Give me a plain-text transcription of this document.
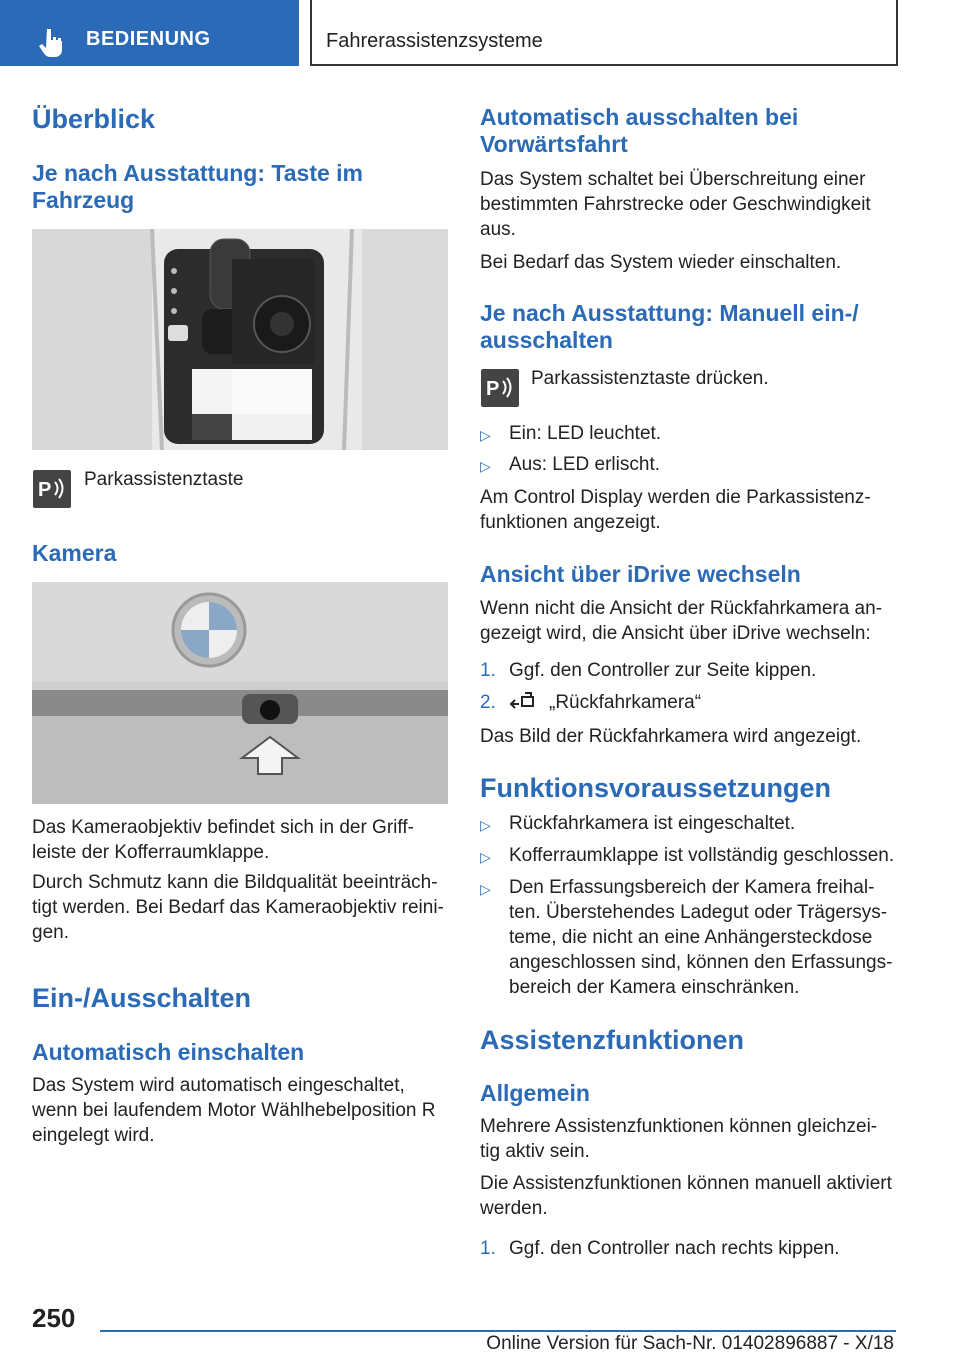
BEDIENUNG	Fahrerassistenzsysteme
Überblick
Je nach Ausstattung: Taste im Fahrzeug
P Parkassistenztaste
Kamera
Das Kameraobjektiv befindet sich in der Griff-leiste der Kofferraumklappe.
Durch Schmutz kann die Bildqualität beeinträch-tigt werden. Bei Bedarf das Kameraobjektiv reini-gen.
Ein-/Ausschalten
Automatisch einschalten
Das System wird automatisch eingeschaltet, wenn bei laufendem Motor Wählhebelposition R eingelegt wird.
Automatisch ausschalten bei Vorwärtsfahrt
Das System schaltet bei Überschreitung einer bestimmten Fahrstrecke oder Geschwindigkeit aus.
Bei Bedarf das System wieder einschalten.
Je nach Ausstattung: Manuell ein-/ ausschalten
P Parkassistenztaste drücken.
▷ Ein: LED leuchtet.
▷ Aus: LED erlischt.
Am Control Display werden die Parkassistenz-funktionen angezeigt.
Ansicht über iDrive wechseln
Wenn nicht die Ansicht der Rückfahrkamera an-gezeigt wird, die Ansicht über iDrive wechseln:
1. Ggf. den Controller zur Seite kippen.
2.	„Rückfahrkamera“
Das Bild der Rückfahrkamera wird angezeigt.
Funktionsvoraussetzungen
▷ Rückfahrkamera ist eingeschaltet.
▷ Kofferraumklappe ist vollständig geschlossen.
▷ Den Erfassungsbereich der Kamera freihal-ten. Überstehendes Ladegut oder Trägersys-teme, die nicht an eine Anhängersteckdose angeschlossen sind, können den Erfassungs-bereich der Kamera einschränken.
Assistenzfunktionen
Allgemein
Mehrere Assistenzfunktionen können gleichzei-tig aktiv sein.
Die Assistenzfunktionen können manuell aktiviert werden.
1. Ggf. den Controller nach rechts kippen.
250
Online Version für Sach-Nr. 01402896887 - X/18
